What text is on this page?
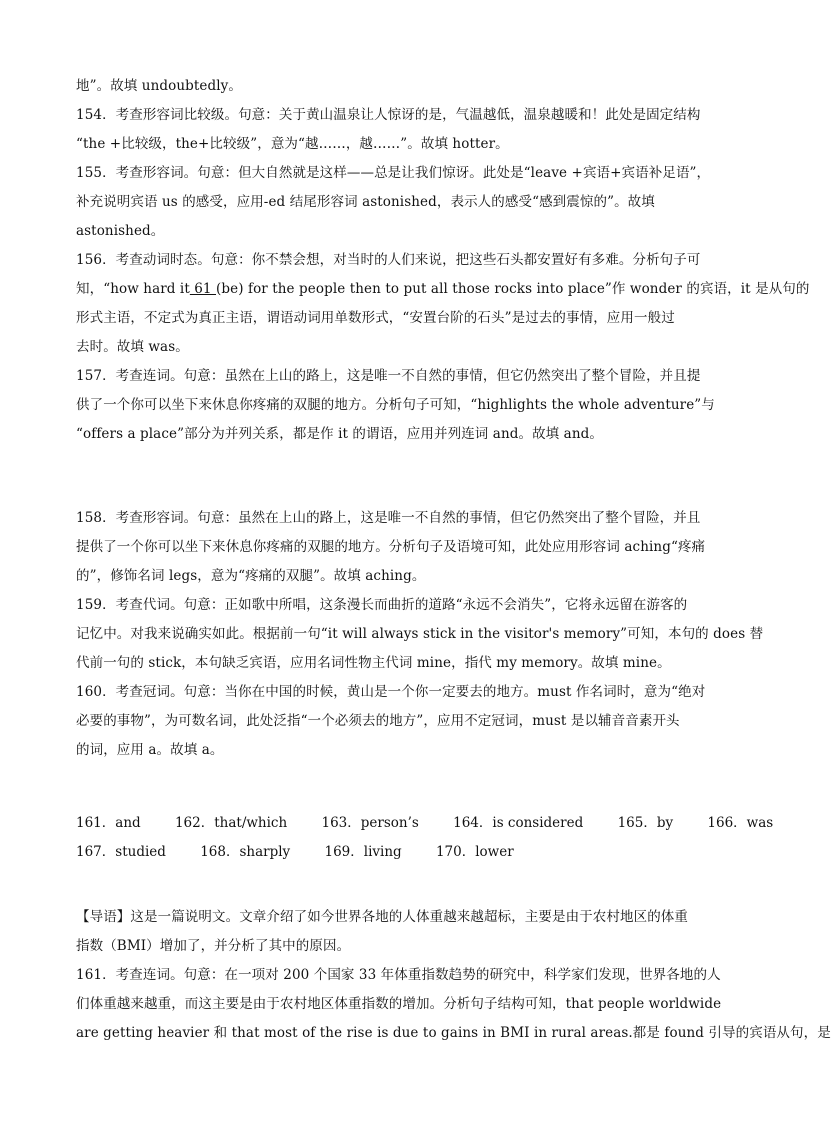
地”。故填 undoubtedly。
154．考查形容词比较级。句意：关于黄山温泉让人惊讶的是，气温越低，温泉越暖和！此处是固定结构
“the +比较级，the+比较级”，意为“越……，越……”。故填 hotter。
155．考查形容词。句意：但大自然就是这样——总是让我们惊讶。此处是“leave +宾语+宾语补足语”，
补充说明宾语 us 的感受，应用-ed 结尾形容词 astonished，表示人的感受“感到震惊的”。故填
astonished。
156．考查动词时态。句意：你不禁会想，对当时的人们来说，把这些石头都安置好有多难。分析句子可
知，“how hard it 61 (be) for the people then to put all those rocks into place”作 wonder 的宾语，it 是从句的
形式主语，不定式为真正主语，谓语动词用单数形式，“安置台阶的石头”是过去的事情，应用一般过
去时。故填 was。
157．考查连词。句意：虽然在上山的路上，这是唯一不自然的事情，但它仍然突出了整个冒险，并且提
供了一个你可以坐下来休息你疼痛的双腿的地方。分析句子可知，“highlights the whole adventure”与
“offers a place”部分为并列关系，都是作 it 的谓语，应用并列连词 and。故填 and。
158．考查形容词。句意：虽然在上山的路上，这是唯一不自然的事情，但它仍然突出了整个冒险，并且
提供了一个你可以坐下来休息你疼痛的双腿的地方。分析句子及语境可知，此处应用形容词 aching“疼痛
的”，修饰名词 legs，意为“疼痛的双腿”。故填 aching。
159．考查代词。句意：正如歌中所唱，这条漫长而曲折的道路“永远不会消失”，它将永远留在游客的
记忆中。对我来说确实如此。根据前一句“it will always stick in the visitor's memory”可知，本句的 does 替
代前一句的 stick，本句缺乏宾语，应用名词性物主代词 mine，指代 my memory。故填 mine。
160．考查冠词。句意：当你在中国的时候，黄山是一个你一定要去的地方。must 作名词时，意为“绝对
必要的事物”，为可数名词，此处泛指“一个必须去的地方”，应用不定冠词，must 是以辅音音素开头
的词，应用 a。故填 a。
161．and	162．that/which	163．person’s	164．is considered	165．by	166．was
167．studied	168．sharply	169．living	170．lower
【导语】这是一篇说明文。文章介绍了如今世界各地的人体重越来越超标，主要是由于农村地区的体重
指数（BMI）增加了，并分析了其中的原因。
161．考查连词。句意：在一项对 200 个国家 33 年体重指数趋势的研究中，科学家们发现，世界各地的人
们体重越来越重，而这主要是由于农村地区体重指数的增加。分析句子结构可知，that people worldwide
are getting heavier 和 that most of the rise is due to gains in BMI in rural areas.都是 found 引导的宾语从句，是
